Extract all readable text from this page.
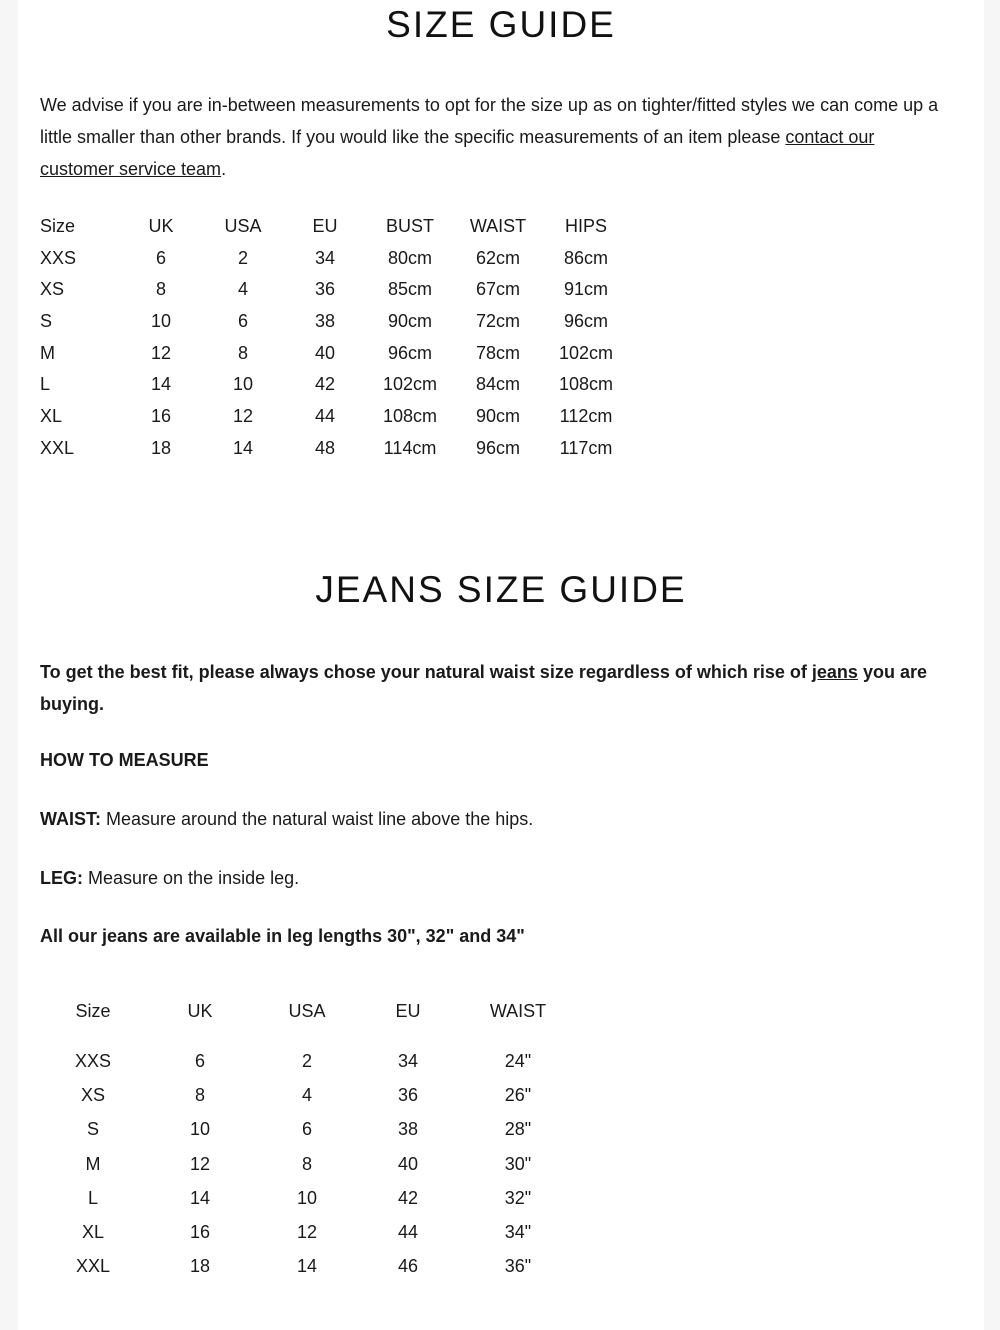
SIZE GUIDE

We advise if you are in-between measurements to opt for the size up as on tighter/fitted styles we can come up a little smaller than other brands. If you would like the specific measurements of an item please contact our customer service team.

Size	UK	USA	EU	BUST	WAIST	HIPS
XXS	6	2	34	80cm	62cm	86cm
XS	8	4	36	85cm	67cm	91cm
S	10	6	38	90cm	72cm	96cm
M	12	8	40	96cm	78cm	102cm
L	14	10	42	102cm	84cm	108cm
XL	16	12	44	108cm	90cm	112cm
XXL	18	14	48	114cm	96cm	117cm
JEANS SIZE GUIDE

To get the best fit, please always chose your natural waist size regardless of which rise of jeans you are buying.

HOW TO MEASURE

WAIST: Measure around the natural waist line above the hips.

LEG: Measure on the inside leg.

All our jeans are available in leg lengths 30", 32" and 34"

Size	UK	USA	EU	WAIST
XXS	6	2	34	24"
XS	8	4	36	26"
S	10	6	38	28"
M	12	8	40	30"
L	14	10	42	32"
XL	16	12	44	34"
XXL	18	14	46	36"
